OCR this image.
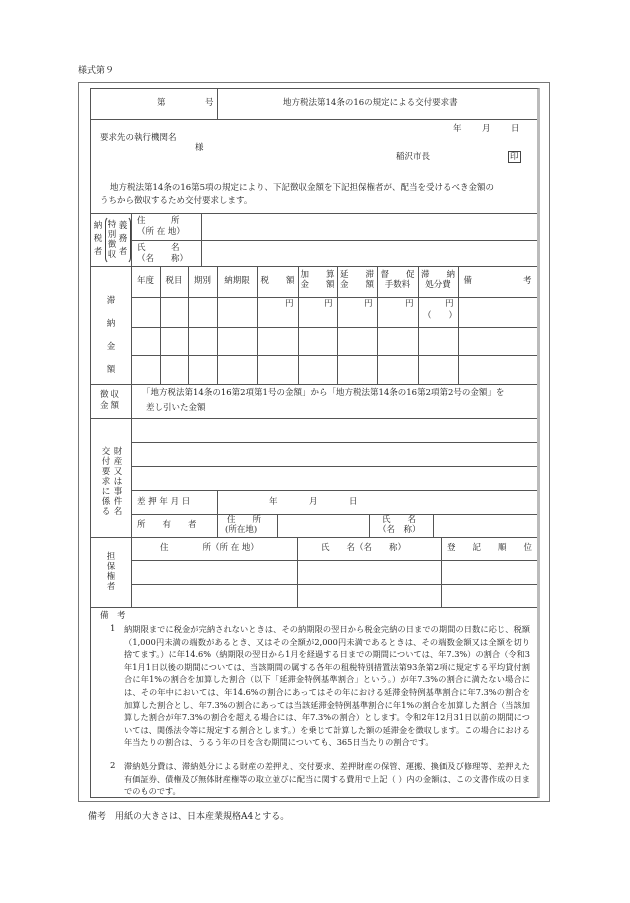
様式第９
第	号	地方税法第14条の16の規定による交付要求書
要求先の執行機関名
様
年 月 日
稲沢市長	印
地方税法第14条の16第5項の規定により、下記徴収金額を下記担保権者が、配当を受けるべき金額の
うちから徴収するため交付要求します。
納税者
特別徴収
義務者
住　　　所
（所 在 地）
氏　　　名
（名　　称）
滞納金額
徴収
金額
「地方税法第14条の16第2項第1号の金額」から「地方税法第14条の16第2項第2号の金額」を
差し引いた金額
財産又は事件名
交付要求に係る
差 押 年 月 日	年	月	日
所　　有　　者	住　　所
(所在地)
氏　　名
（名　称）
担保権者
住　　　　所（所 在 地）	氏　　名（名　　称）	登　　記　　順　　位
備　考
1 納期限までに税金が完納されないときは、その納期限の翌日から税金完納の日までの期間の日数に応じ、税額（1,000円未満の端数があるとき、又はその全額が2,000円未満であるときは、その端数金額又は全額を切り捨てます。）に年14.6%（納期限の翌日から1月を経過する日までの期間については、年7.3%）の割合（令和3年1月1日以後の期間については、当該期間の属する各年の租税特別措置法第93条第2項に規定する平均貸付割合に年1%の割合を加算した割合（以下「延滞金特例基準割合」という。）が年7.3%の割合に満たない場合には、その年中においては、年14.6%の割合にあってはその年における延滞金特例基準割合に年7.3%の割合を加算した割合とし、年7.3%の割合にあっては当該延滞金特例基準割合に年1%の割合を加算した割合（当該加算した割合が年7.3%の割合を超える場合には、年7.3%の割合）とします。令和2年12月31日以前の期間については、関係法令等に規定する割合とします。）を乗じて計算した額の延滞金を徴収します。この場合における年当たりの割合は、うるう年の日を含む期間についても、365日当たりの割合です。
2 滞納処分費は、滞納処分による財産の差押え、交付要求、差押財産の保管、運搬、換価及び修理等、差押えた有価証券、債権及び無体財産権等の取立並びに配当に関する費用で上記（ ）内の金額は、この文書作成の日までのものです。
備考　用紙の大きさは、日本産業規格A4とする。
年度	税目	期別	納期限	税　　額
加　　算
金　　額
延　　滞
金　　額
督　　促
手数料
滞　　納
処分費	備　　　　　　考
円	円	円	円	円
（　　）
